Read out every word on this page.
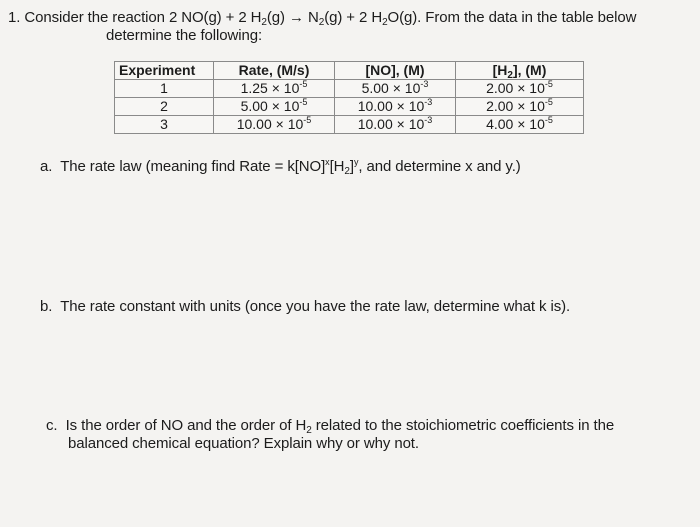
1. Consider the reaction 2 NO(g) + 2 $H_2(g) \to N_2(g) + 2$ $H_2O(g)$. From the data in the table below
determine the following:
Experiment	Rate, (M/s)	[NO], (M)	$[H_2]$, (M)
1	$1.25 \times 10^{-5}$	$5.00 \times 10^{-3}$	$2.00 \times 10^{-5}$
2	$5.00 \times 10^{-5}$	$10.00 \times 10^{-3}$	$2.00 \times 10^{-5}$
3	$10.00 \times 10^{-5}$	$10.00 \times 10^{-3}$	$4.00 \times 10^{-5}$
a. The rate law (meaning find Rate = $k[NO]^x[H_2]^y$, and determine x and y.)
b. The rate constant with units (once you have the rate law, determine what k is).
c. Is the order of NO and the order of $H_2$ related to the stoichiometric coefficients in the
balanced chemical equation? Explain why or why not.
